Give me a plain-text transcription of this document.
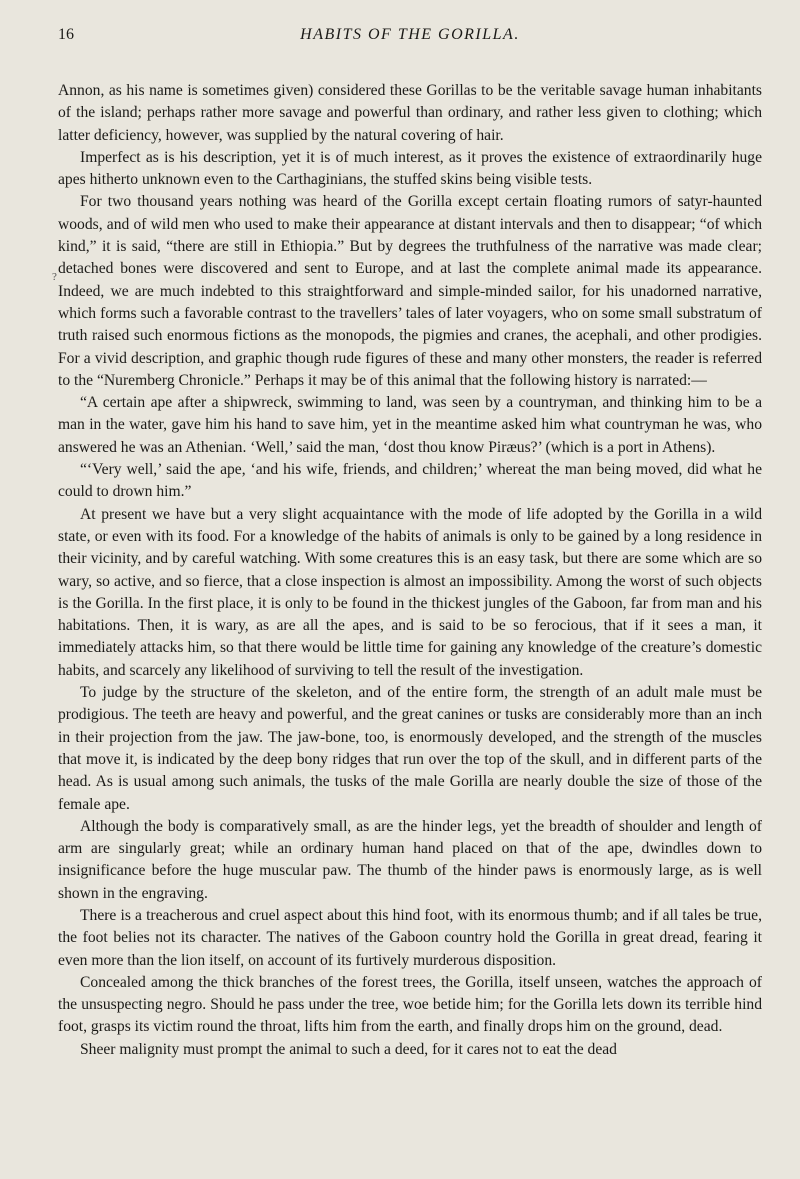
16	HABITS OF THE GORILLA.
?

Annon, as his name is sometimes given) considered these Gorillas to be the veritable savage human inhabitants of the island; perhaps rather more savage and powerful than ordinary, and rather less given to clothing; which latter deficiency, however, was supplied by the natural covering of hair.

Imperfect as is his description, yet it is of much interest, as it proves the existence of extraordinarily huge apes hitherto unknown even to the Carthaginians, the stuffed skins being visible tests.

For two thousand years nothing was heard of the Gorilla except certain floating rumors of satyr-haunted woods, and of wild men who used to make their appearance at distant intervals and then to disappear; “of which kind,” it is said, “there are still in Ethiopia.” But by degrees the truthfulness of the narrative was made clear; detached bones were discovered and sent to Europe, and at last the complete animal made its appearance. Indeed, we are much indebted to this straightforward and simple-minded sailor, for his unadorned narrative, which forms such a favorable contrast to the travellers’ tales of later voyagers, who on some small substratum of truth raised such enormous fictions as the monopods, the pigmies and cranes, the acephali, and other prodigies. For a vivid description, and graphic though rude figures of these and many other monsters, the reader is referred to the “Nuremberg Chronicle.” Perhaps it may be of this animal that the following history is narrated:—

“A certain ape after a shipwreck, swimming to land, was seen by a countryman, and thinking him to be a man in the water, gave him his hand to save him, yet in the meantime asked him what countryman he was, who answered he was an Athenian. ‘Well,’ said the man, ‘dost thou know Piræus?’ (which is a port in Athens).

“‘Very well,’ said the ape, ‘and his wife, friends, and children;’ whereat the man being moved, did what he could to drown him.”

At present we have but a very slight acquaintance with the mode of life adopted by the Gorilla in a wild state, or even with its food. For a knowledge of the habits of animals is only to be gained by a long residence in their vicinity, and by careful watching. With some creatures this is an easy task, but there are some which are so wary, so active, and so fierce, that a close inspection is almost an impossibility. Among the worst of such objects is the Gorilla. In the first place, it is only to be found in the thickest jungles of the Gaboon, far from man and his habitations. Then, it is wary, as are all the apes, and is said to be so ferocious, that if it sees a man, it immediately attacks him, so that there would be little time for gaining any knowledge of the creature’s domestic habits, and scarcely any likelihood of surviving to tell the result of the investigation.

To judge by the structure of the skeleton, and of the entire form, the strength of an adult male must be prodigious. The teeth are heavy and powerful, and the great canines or tusks are considerably more than an inch in their projection from the jaw. The jaw-bone, too, is enormously developed, and the strength of the muscles that move it, is indicated by the deep bony ridges that run over the top of the skull, and in different parts of the head. As is usual among such animals, the tusks of the male Gorilla are nearly double the size of those of the female ape.

Although the body is comparatively small, as are the hinder legs, yet the breadth of shoulder and length of arm are singularly great; while an ordinary human hand placed on that of the ape, dwindles down to insignificance before the huge muscular paw. The thumb of the hinder paws is enormously large, as is well shown in the engraving.

There is a treacherous and cruel aspect about this hind foot, with its enormous thumb; and if all tales be true, the foot belies not its character. The natives of the Gaboon country hold the Gorilla in great dread, fearing it even more than the lion itself, on account of its furtively murderous disposition.

Concealed among the thick branches of the forest trees, the Gorilla, itself unseen, watches the approach of the unsuspecting negro. Should he pass under the tree, woe betide him; for the Gorilla lets down its terrible hind foot, grasps its victim round the throat, lifts him from the earth, and finally drops him on the ground, dead.

Sheer malignity must prompt the animal to such a deed, for it cares not to eat the dead
